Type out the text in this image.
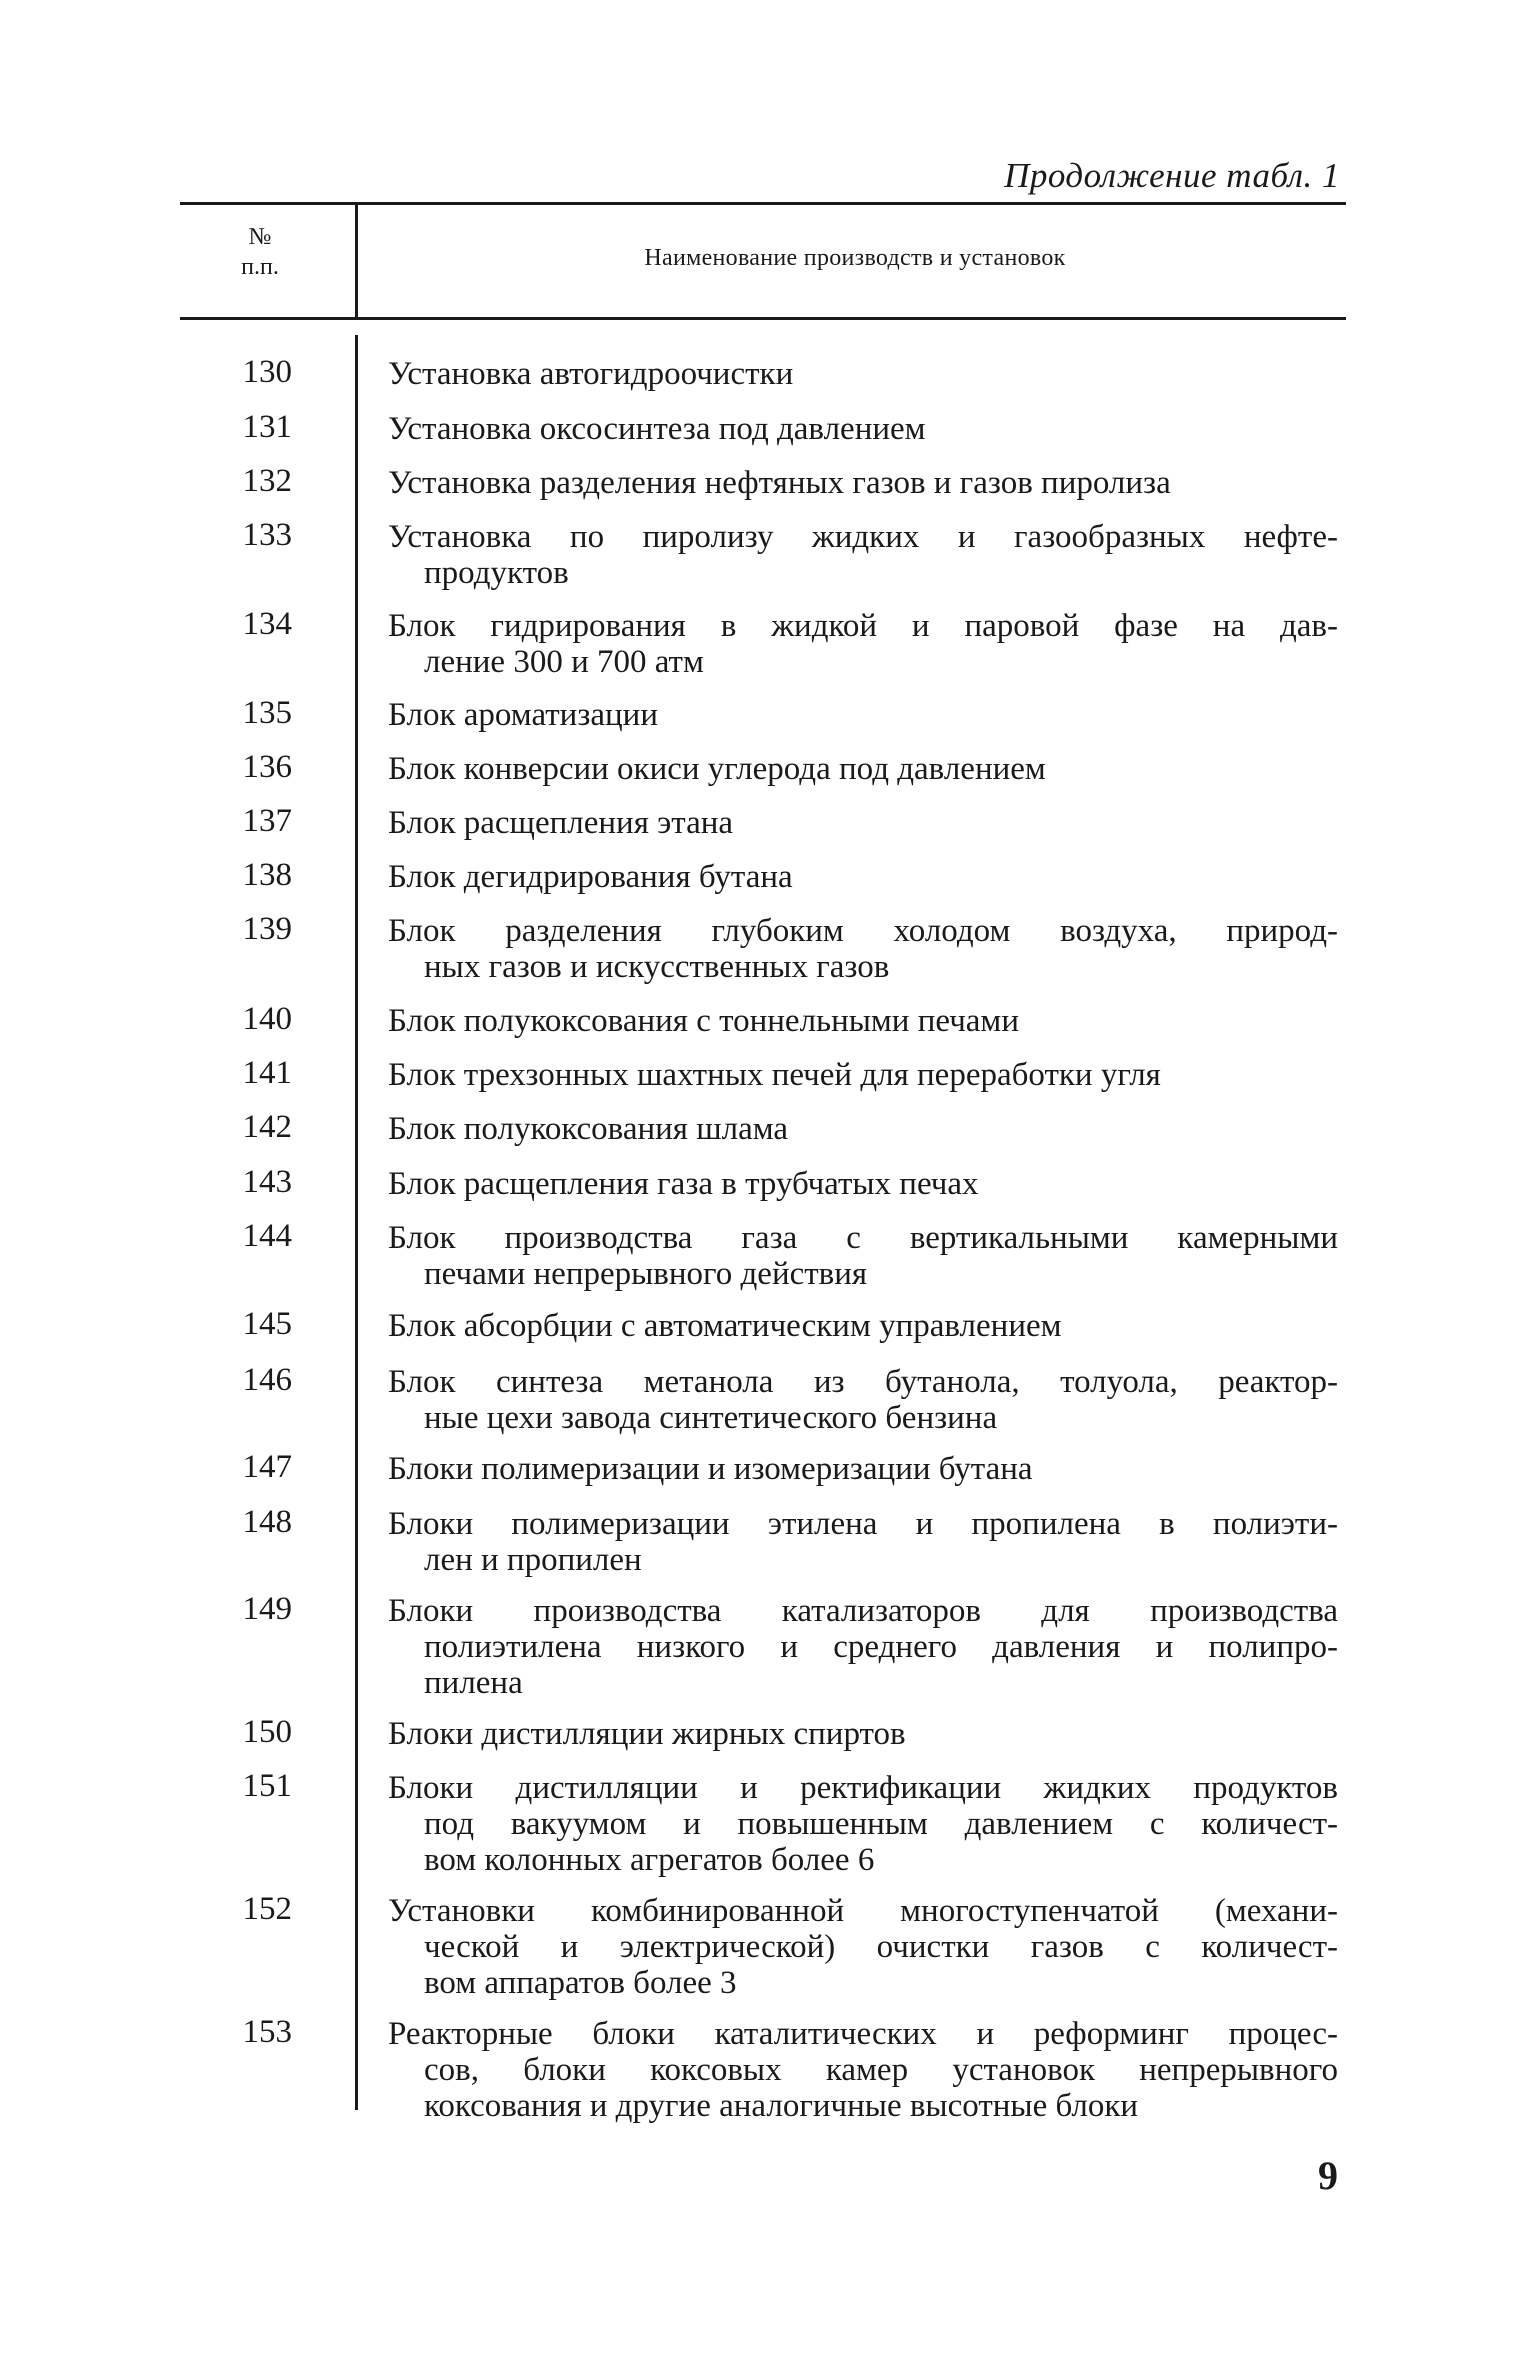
Продолжение табл. 1
№
п.п.	Наименование производств и установок
130	Установка автогидроочистки
131	Установка оксосинтеза под давлением
132	Установка разделения нефтяных газов и газов пиролиза
133	Установка по пиролизу жидких и газообразных нефте-
продуктов
134	Блок гидрирования в жидкой и паровой фазе на дав-
ление 300 и 700 атм
135	Блок ароматизации
136	Блок конверсии окиси углерода под давлением
137	Блок расщепления этана
138	Блок дегидрирования бутана
139	Блок разделения глубоким холодом воздуха, природ-
ных газов и искусственных газов
140	Блок полукоксования с тоннельными печами
141	Блок трехзонных шахтных печей для переработки угля
142	Блок полукоксования шлама
143	Блок расщепления газа в трубчатых печах
144	Блок производства газа с вертикальными камерными
печами непрерывного действия
145	Блок абсорбции с автоматическим управлением
146	Блок синтеза метанола из бутанола, толуола, реактор-
ные цехи завода синтетического бензина
147	Блоки полимеризации и изомеризации бутана
148	Блоки полимеризации этилена и пропилена в полиэти-
лен и пропилен
149	Блоки производства катализаторов для производства
полиэтилена низкого и среднего давления и полипро-
пилена
150	Блоки дистилляции жирных спиртов
151	Блоки дистилляции и ректификации жидких продуктов
под вакуумом и повышенным давлением с количест-
вом колонных агрегатов более 6
152	Установки комбинированной многоступенчатой (механи-
ческой и электрической) очистки газов с количест-
вом аппаратов более 3
153	Реакторные блоки каталитических и реформинг процес-
сов, блоки коксовых камер установок непрерывного
коксования и другие аналогичные высотные блоки
9
